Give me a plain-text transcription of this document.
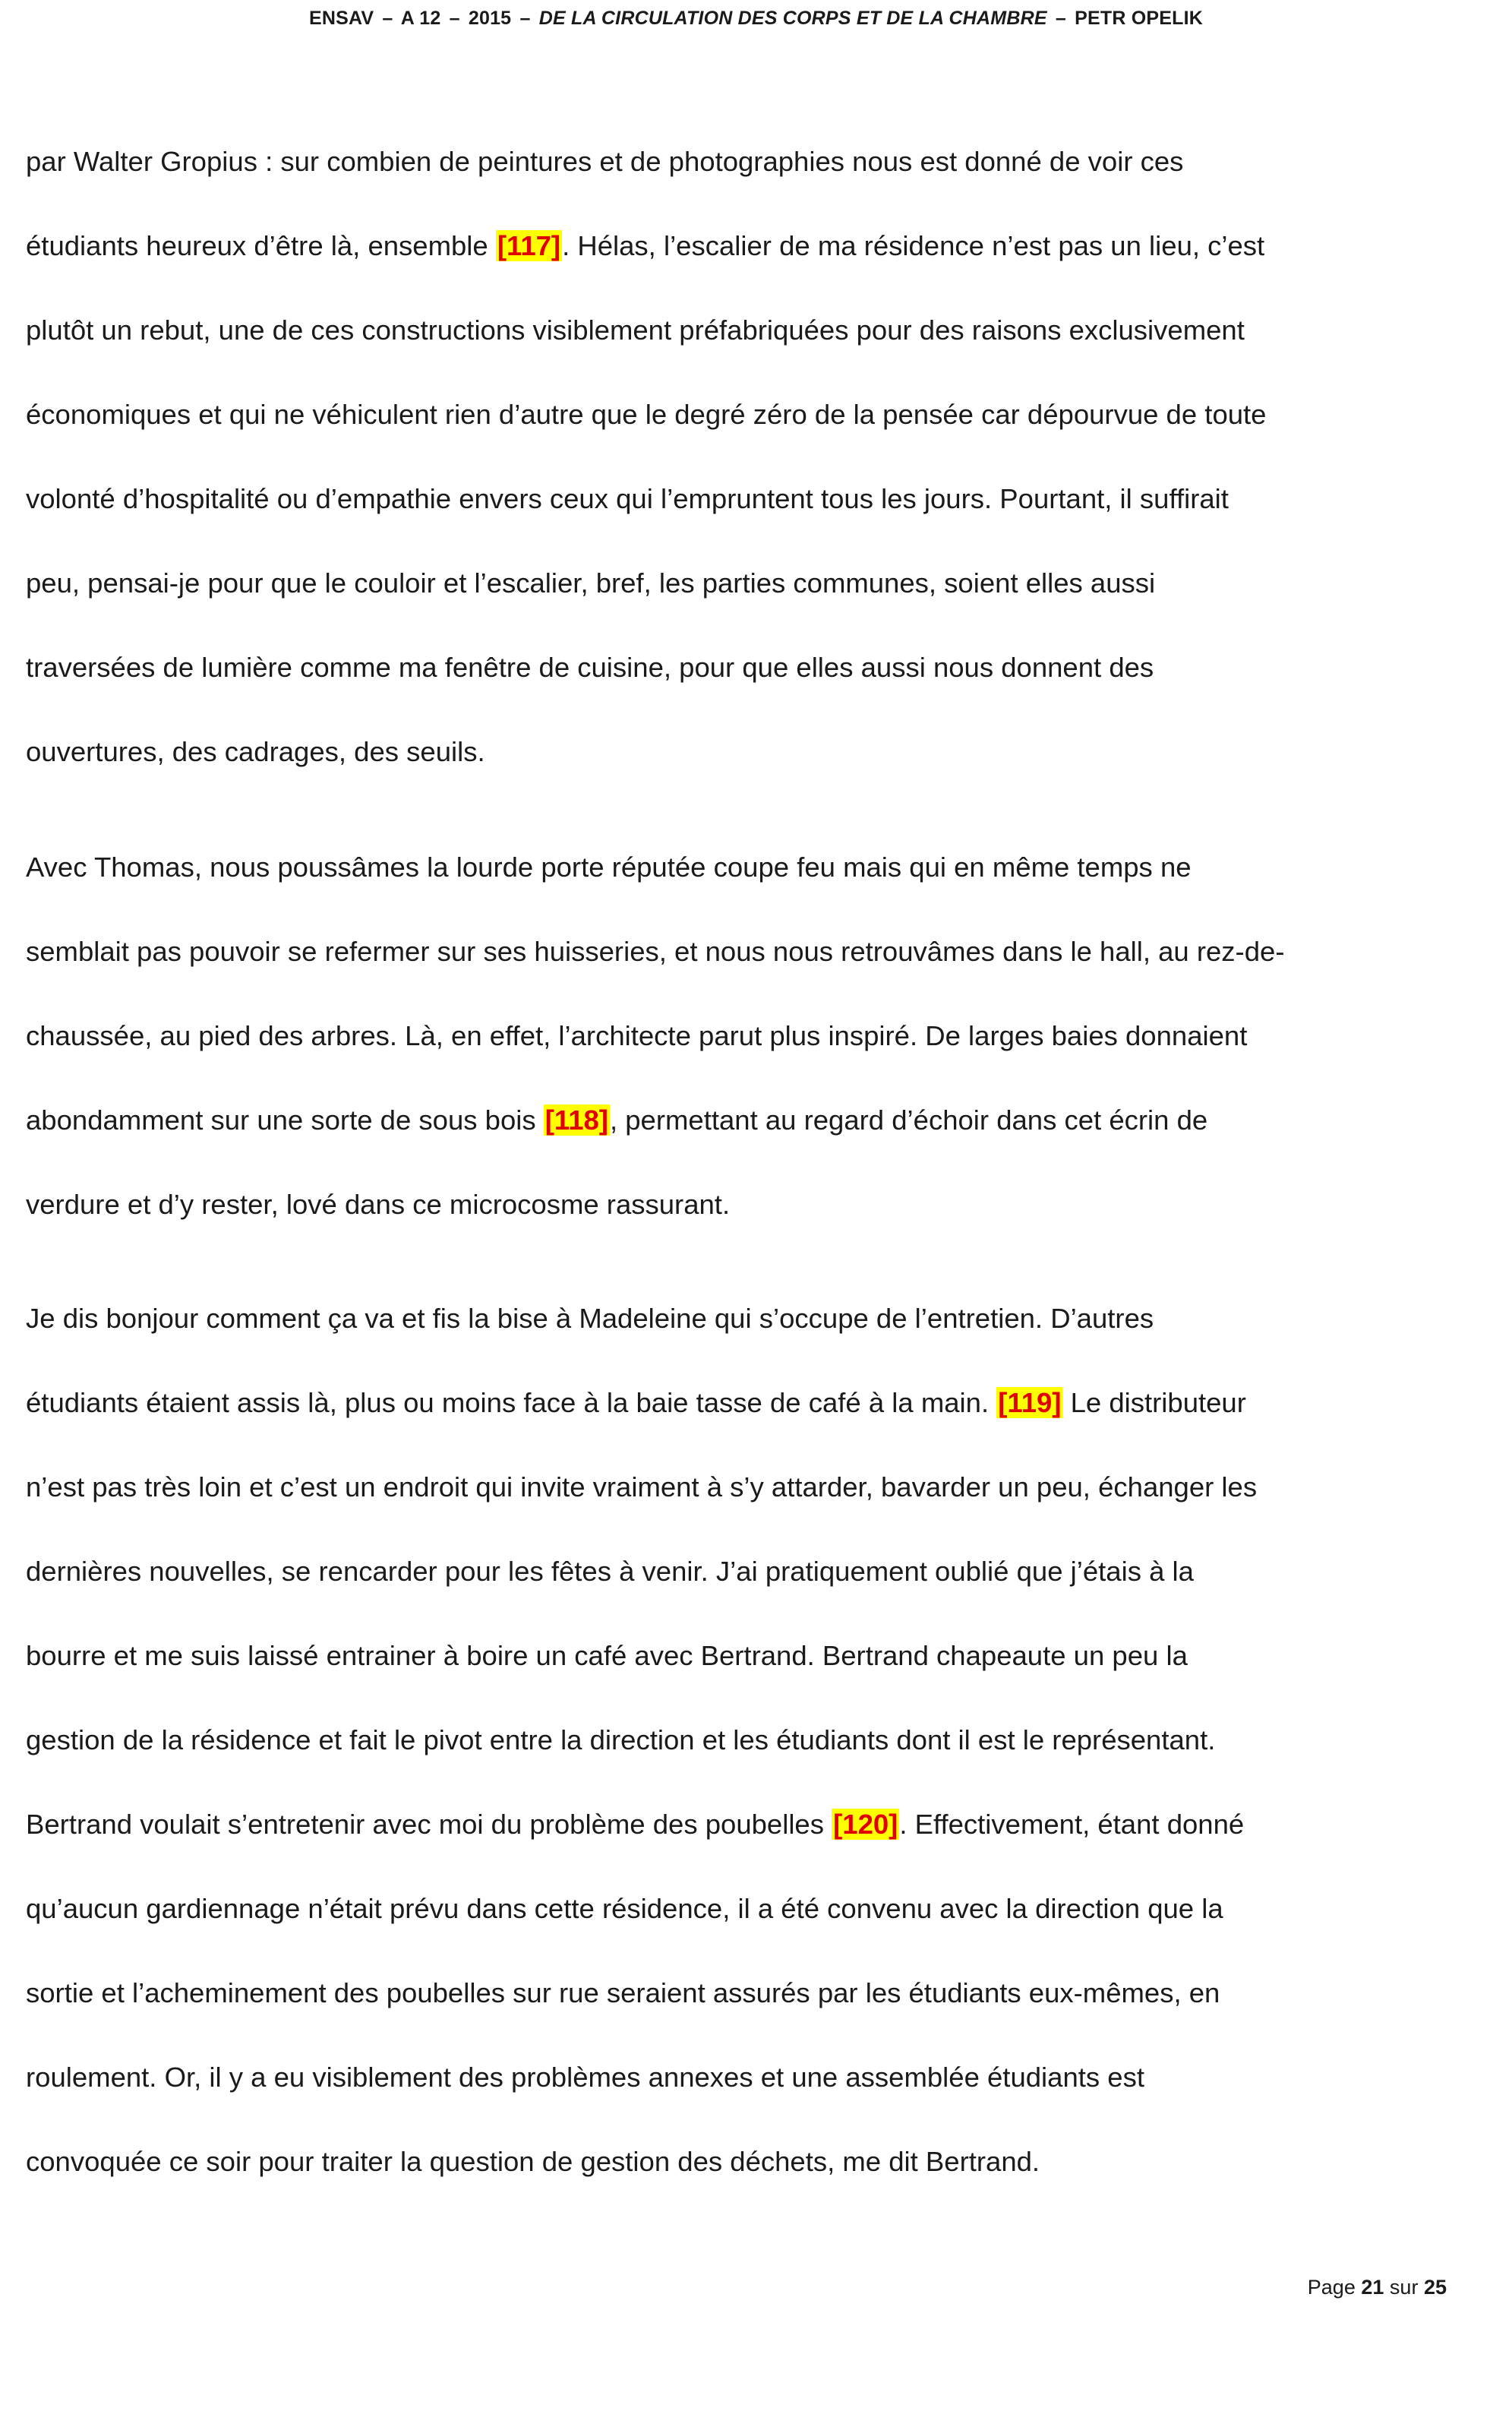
ENSAV – A 12 – 2015 – DE LA CIRCULATION DES CORPS ET DE LA CHAMBRE – PETR OPELIK
par Walter Gropius : sur combien de peintures et de photographies nous est donné de voir ces
étudiants heureux d’être là, ensemble [117]. Hélas, l’escalier de ma résidence n’est pas un lieu, c’est
plutôt un rebut, une de ces constructions visiblement préfabriquées pour des raisons exclusivement
économiques et qui ne véhiculent rien d’autre que le degré zéro de la pensée car dépourvue de toute
volonté d’hospitalité ou d’empathie envers ceux qui l’empruntent tous les jours. Pourtant, il suffirait
peu, pensai-je pour que le couloir et l’escalier, bref, les parties communes, soient elles aussi
traversées de lumière comme ma fenêtre de cuisine, pour que elles aussi nous donnent des
ouvertures, des cadrages, des seuils.
Avec Thomas, nous poussâmes la lourde porte réputée coupe feu mais qui en même temps ne
semblait pas pouvoir se refermer sur ses huisseries, et nous nous retrouvâmes dans le hall, au rez-de-
chaussée, au pied des arbres. Là, en effet, l’architecte parut plus inspiré. De larges baies donnaient
abondamment sur une sorte de sous bois [118], permettant au regard d’échoir dans cet écrin de
verdure et d’y rester, lové dans ce microcosme rassurant.
Je dis bonjour comment ça va et fis la bise à Madeleine qui s’occupe de l’entretien. D’autres
étudiants étaient assis là, plus ou moins face à la baie tasse de café à la main. [119] Le distributeur
n’est pas très loin et c’est un endroit qui invite vraiment à s’y attarder, bavarder un peu, échanger les
dernières nouvelles, se rencarder pour les fêtes à venir. J’ai pratiquement oublié que j’étais à la
bourre et me suis laissé entrainer à boire un café avec Bertrand. Bertrand chapeaute un peu la
gestion de la résidence et fait le pivot entre la direction et les étudiants dont il est le représentant.
Bertrand voulait s’entretenir avec moi du problème des poubelles [120]. Effectivement, étant donné
qu’aucun gardiennage n’était prévu dans cette résidence, il a été convenu avec la direction que la
sortie et l’acheminement des poubelles sur rue seraient assurés par les étudiants eux-mêmes, en
roulement. Or, il y a eu visiblement des problèmes annexes et une assemblée étudiants est
convoquée ce soir pour traiter la question de gestion des déchets, me dit Bertrand.
Page 21 sur 25
